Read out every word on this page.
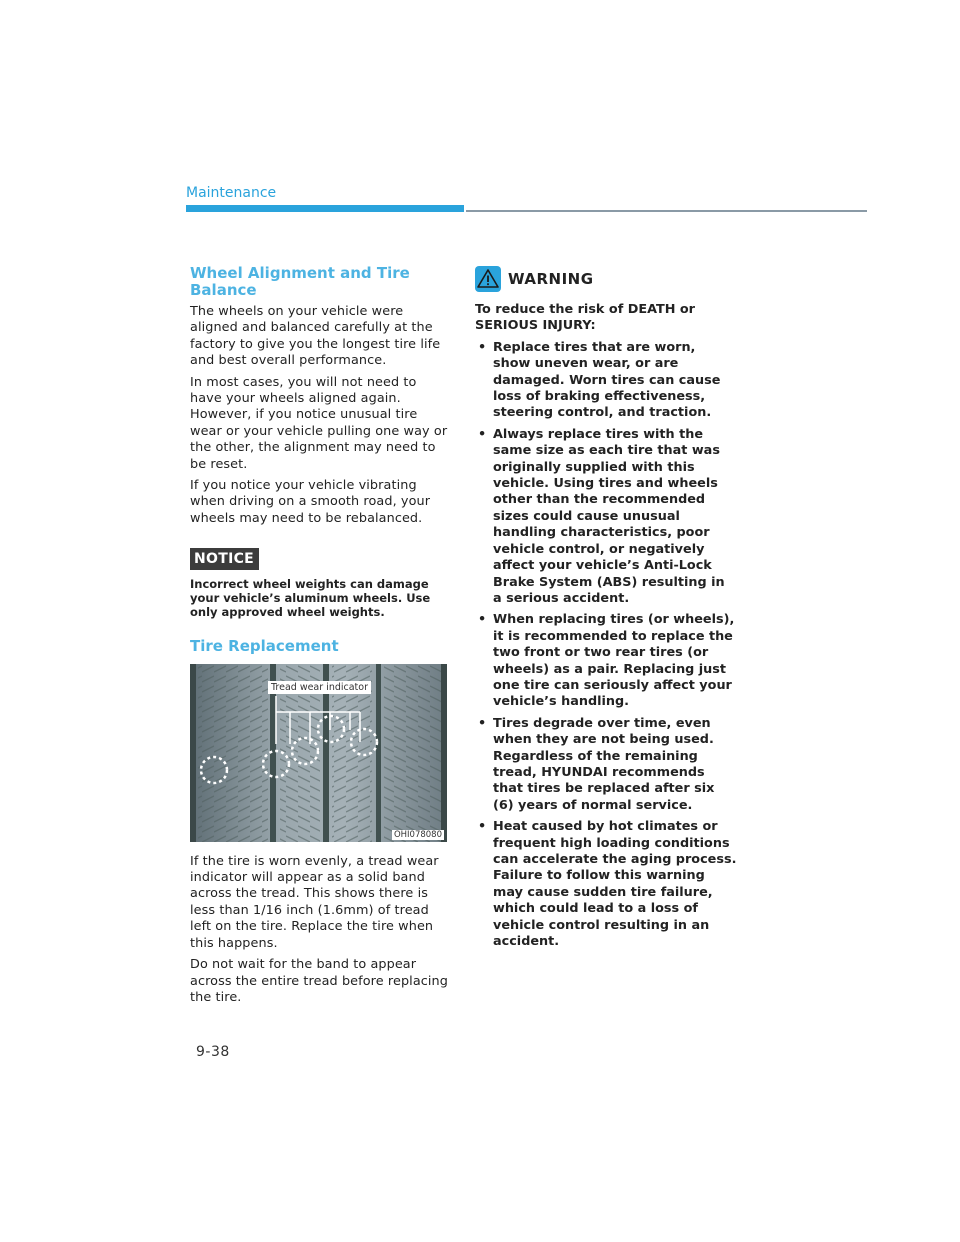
Maintenance
Wheel Alignment and Tire Balance

The wheels on your vehicle were aligned and balanced carefully at the factory to give you the longest tire life and best overall performance.

In most cases, you will not need to have your wheels aligned again. However, if you notice unusual tire wear or your vehicle pulling one way or the other, the alignment may need to be reset.

If you notice your vehicle vibrating when driving on a smooth road, your wheels may need to be rebalanced.

NOTICE

Incorrect wheel weights can damage your vehicle’s aluminum wheels. Use only approved wheel weights.

Tire Replacement
Tread wear indicator
OHI078080

If the tire is worn evenly, a tread wear indicator will appear as a solid band across the tread. This shows there is less than 1/16 inch (1.6mm) of tread left on the tire. Replace the tire when this happens.

Do not wait for the band to appear across the entire tread before replacing the tire.

WARNING

To reduce the risk of DEATH or SERIOUS INJURY:

• Replace tires that are worn, show uneven wear, or are damaged. Worn tires can cause loss of braking effectiveness, steering control, and traction.
• Always replace tires with the same size as each tire that was originally supplied with this vehicle. Using tires and wheels other than the recommended sizes could cause unusual handling characteristics, poor vehicle control, or negatively affect your vehicle’s Anti-Lock Brake System (ABS) resulting in a serious accident.
• When replacing tires (or wheels), it is recommended to replace the two front or two rear tires (or wheels) as a pair. Replacing just one tire can seriously affect your vehicle’s handling.
• Tires degrade over time, even when they are not being used. Regardless of the remaining tread, HYUNDAI recommends that tires be replaced after six (6) years of normal service.
• Heat caused by hot climates or frequent high loading conditions can accelerate the aging process. Failure to follow this warning may cause sudden tire failure, which could lead to a loss of vehicle control resulting in an accident.
9-38
